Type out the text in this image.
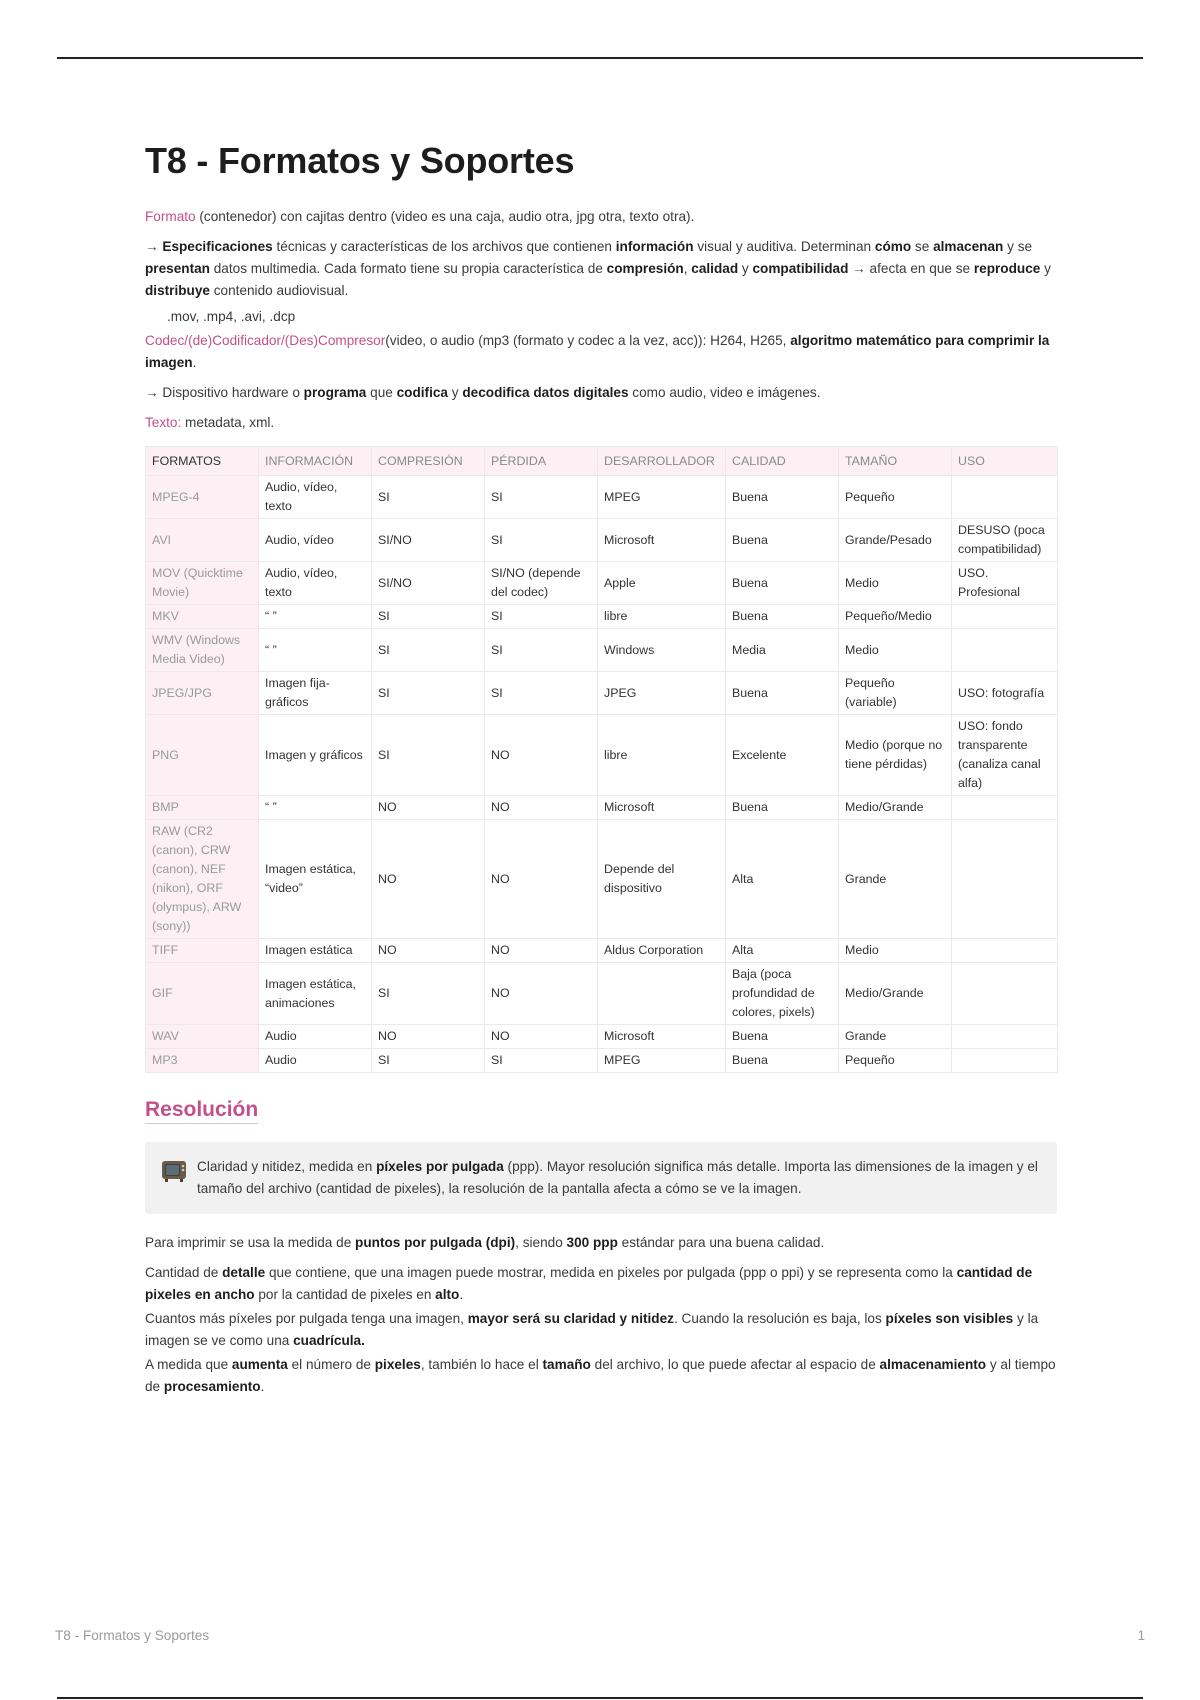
T8 - Formatos y Soportes

Formato (contenedor) con cajitas dentro (video es una caja, audio otra, jpg otra, texto otra).

→ Especificaciones técnicas y características de los archivos que contienen información visual y auditiva. Determinan cómo se almacenan y se presentan datos multimedia. Cada formato tiene su propia característica de compresión, calidad y compatibilidad → afecta en que se reproduce y distribuye contenido audiovisual.

.mov, .mp4, .avi, .dcp

Codec/(de)Codificador/(Des)Compresor(video, o audio (mp3 (formato y codec a la vez, acc)): H264, H265, algoritmo matemático para comprimir la imagen.

→ Dispositivo hardware o programa que codifica y decodifica datos digitales como audio, video e imágenes.

Texto: metadata, xml.

FORMATOS	INFORMACIÓN	COMPRESIÓN	PÉRDIDA	DESARROLLADOR	CALIDAD	TAMAÑO	USO
MPEG-4	Audio, vídeo, texto	SI	SI	MPEG	Buena	Pequeño	
AVI	Audio, vídeo	SI/NO	SI	Microsoft	Buena	Grande/Pesado	DESUSO (poca compatibilidad)
MOV (Quicktime Movie)	Audio, vídeo, texto	SI/NO	SI/NO (depende del codec)	Apple	Buena	Medio	USO. Profesional
MKV	“ ”	SI	SI	libre	Buena	Pequeño/Medio	
WMV (Windows Media Video)	“ ”	SI	SI	Windows	Media	Medio	
JPEG/JPG	Imagen fija-gráficos	SI	SI	JPEG	Buena	Pequeño (variable)	USO: fotografía
PNG	Imagen y gráficos	SI	NO	libre	Excelente	Medio (porque no tiene pérdidas)	USO: fondo transparente (canaliza canal alfa)
BMP	“ ”	NO	NO	Microsoft	Buena	Medio/Grande	
RAW (CR2 (canon), CRW (canon), NEF (nikon), ORF (olympus), ARW (sony))	Imagen estática, “video”	NO	NO	Depende del dispositivo	Alta	Grande	
TIFF	Imagen estática	NO	NO	Aldus Corporation	Alta	Medio	
GIF	Imagen estática, animaciones	SI	NO		Baja (poca profundidad de colores, pixels)	Medio/Grande	
WAV	Audio	NO	NO	Microsoft	Buena	Grande	
MP3	Audio	SI	SI	MPEG	Buena	Pequeño	
Resolución

Claridad y nitidez, medida en píxeles por pulgada (ppp). Mayor resolución significa más detalle. Importa las dimensiones de la imagen y el tamaño del archivo (cantidad de pixeles), la resolución de la pantalla afecta a cómo se ve la imagen.

Para imprimir se usa la medida de puntos por pulgada (dpi), siendo 300 ppp estándar para una buena calidad.

Cantidad de detalle que contiene, que una imagen puede mostrar, medida en pixeles por pulgada (ppp o ppi) y se representa como la cantidad de pixeles en ancho por la cantidad de pixeles en alto.

Cuantos más píxeles por pulgada tenga una imagen, mayor será su claridad y nitidez. Cuando la resolución es baja, los píxeles son visibles y la imagen se ve como una cuadrícula.

A medida que aumenta el número de pixeles, también lo hace el tamaño del archivo, lo que puede afectar al espacio de almacenamiento y al tiempo de procesamiento.

T8 - Formatos y Soportes	1
